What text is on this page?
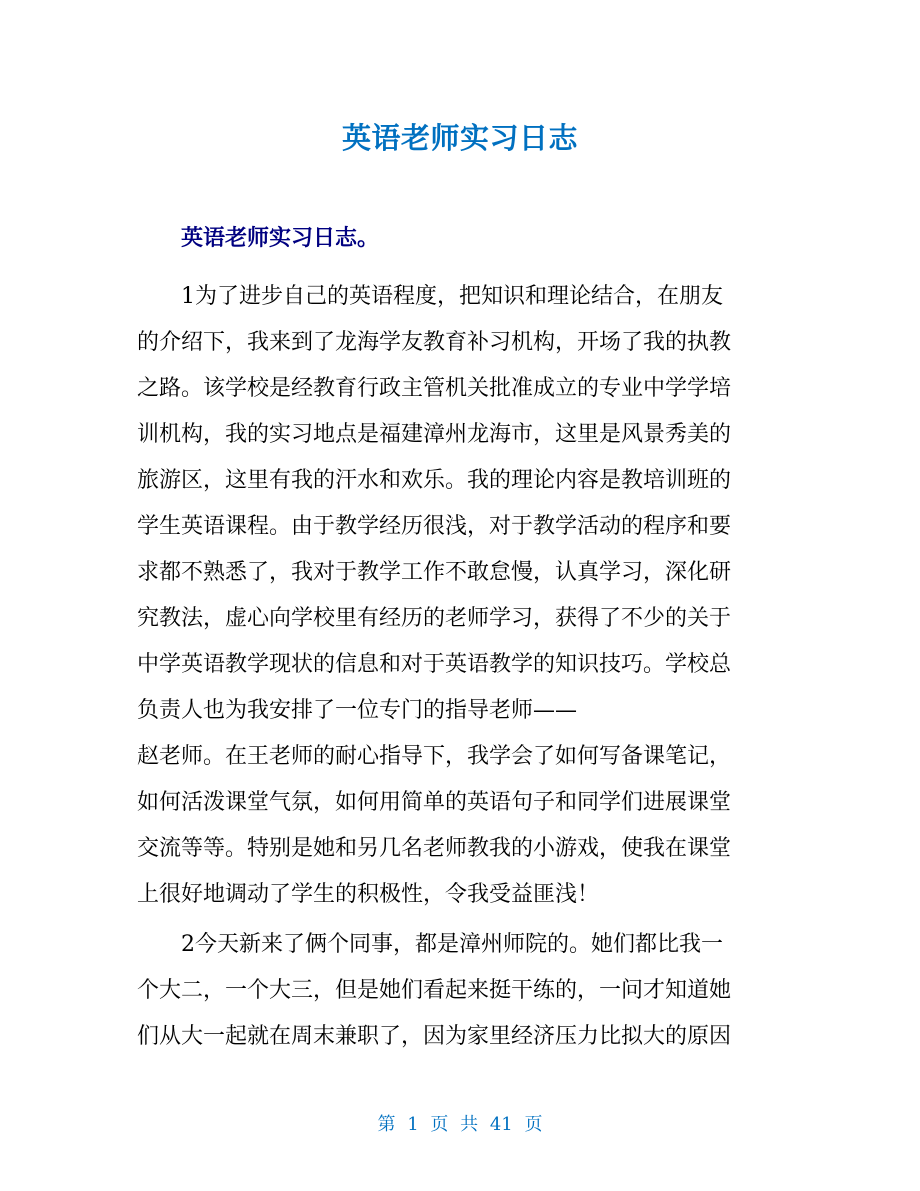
英语老师实习日志
英语老师实习日志。
1为了进步自己的英语程度，把知识和理论结合，在朋友
的介绍下，我来到了龙海学友教育补习机构，开场了我的执教
之路。该学校是经教育行政主管机关批准成立的专业中学学培
训机构，我的实习地点是福建漳州龙海市，这里是风景秀美的
旅游区，这里有我的汗水和欢乐。我的理论内容是教培训班的
学生英语课程。由于教学经历很浅，对于教学活动的程序和要
求都不熟悉了，我对于教学工作不敢怠慢，认真学习，深化研
究教法，虚心向学校里有经历的老师学习，获得了不少的关于
中学英语教学现状的信息和对于英语教学的知识技巧。学校总
负责人也为我安排了一位专门的指导老师——
赵老师。在王老师的耐心指导下，我学会了如何写备课笔记，
如何活泼课堂气氛，如何用简单的英语句子和同学们进展课堂
交流等等。特别是她和另几名老师教我的小游戏，使我在课堂
上很好地调动了学生的积极性，令我受益匪浅！
2今天新来了俩个同事，都是漳州师院的。她们都比我一
个大二，一个大三，但是她们看起来挺干练的，一问才知道她
们从大一起就在周末兼职了，因为家里经济压力比拟大的原因
第 1 页 共 41 页
